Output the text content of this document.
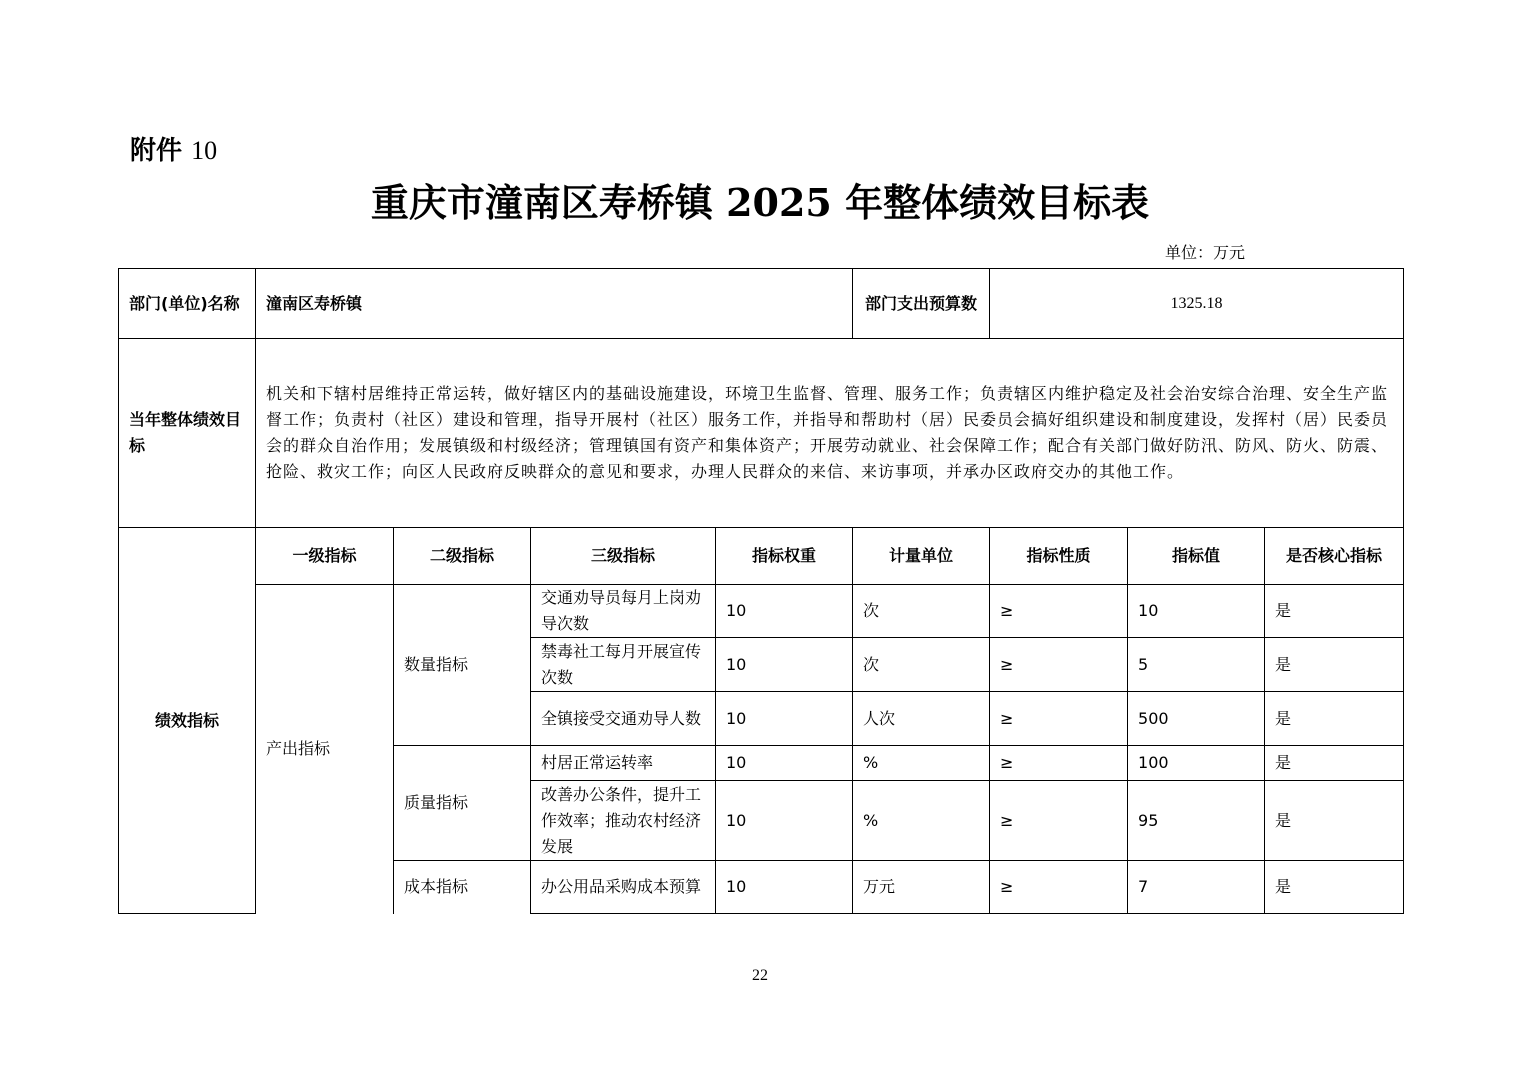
附件 10
重庆市潼南区寿桥镇 2025 年整体绩效目标表
单位：万元
部门(单位)名称	潼南区寿桥镇				部门支出预算数	1325.18		
当年整体绩效目标	机关和下辖村居维持正常运转，做好辖区内的基础设施建设，环境卫生监督、管理、服务工作；负责辖区内维护稳定及社会治安综合治理、安全生产监督工作；负责村（社区）建设和管理，指导开展村（社区）服务工作，并指导和帮助村（居）民委员会搞好组织建设和制度建设，发挥村（居）民委员会的群众自治作用；发展镇级和村级经济；管理镇国有资产和集体资产；开展劳动就业、社会保障工作；配合有关部门做好防汛、防风、防火、防震、抢险、救灾工作；向区人民政府反映群众的意见和要求，办理人民群众的来信、来访事项，并承办区政府交办的其他工作。							
绩效指标	一级指标	二级指标	三级指标	指标权重	计量单位	指标性质	指标值	是否核心指标
	产出指标	数量指标	交通劝导员每月上岗劝导次数	10	次	≥	10	是
			禁毒社工每月开展宣传次数	10	次	≥	5	是
			全镇接受交通劝导人数	10	人次	≥	500	是
		质量指标	村居正常运转率	10	%	≥	100	是
			改善办公条件，提升工作效率；推动农村经济发展	10	%	≥	95	是
		成本指标	办公用品采购成本预算	10	万元	≥	7	是
22
